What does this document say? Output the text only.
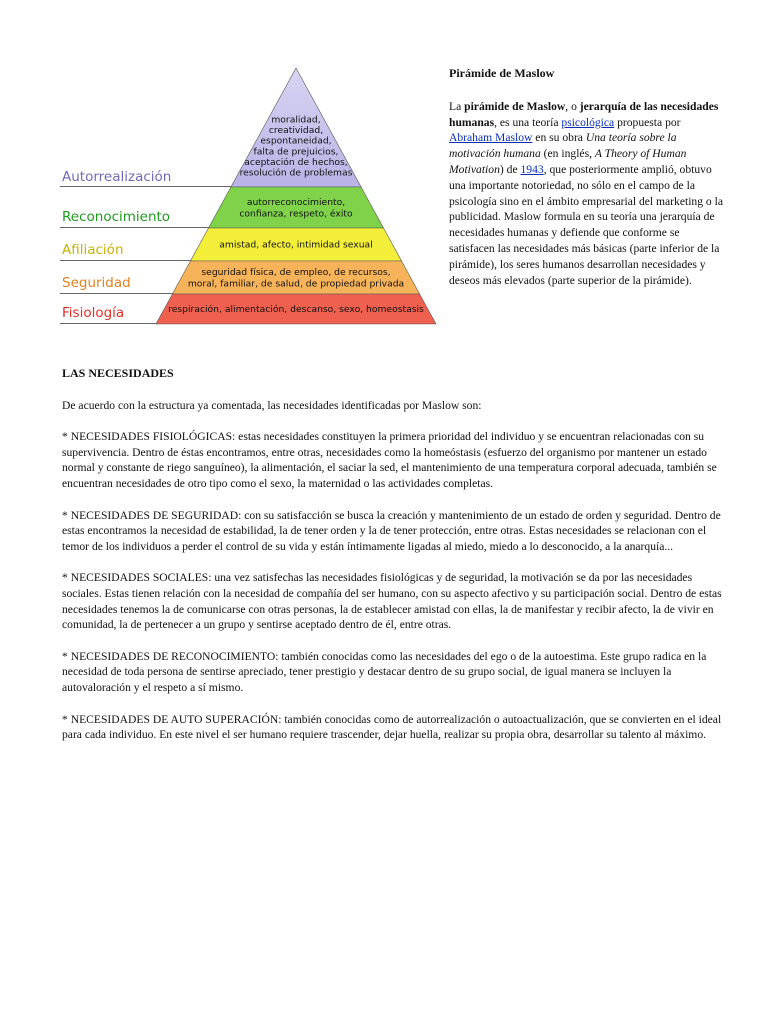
Autorrealización
moralidad,
creatividad,
espontaneidad,
falta de prejuicios,
aceptación de hechos,
resolución de problemas
Reconocimiento
autorreconocimiento,
confianza, respeto, éxito
Afiliación	amistad, afecto, intimidad sexual
Seguridad
seguridad física, de empleo, de recursos,
moral, familiar, de salud, de propiedad privada
Fisiología	respiración, alimentación, descanso, sexo, homeostasis
Pirámide de Maslow

La pirámide de Maslow, o jerarquía de las necesidades humanas, es una teoría psicológica propuesta por Abraham Maslow en su obra Una teoría sobre la motivación humana (en inglés, A Theory of Human Motivation) de 1943, que posteriormente amplió, obtuvo una importante notoriedad, no sólo en el campo de la psicología sino en el ámbito empresarial del marketing o la publicidad. Maslow formula en su teoría una jerarquía de necesidades humanas y defiende que conforme se satisfacen las necesidades más básicas (parte inferior de la pirámide), los seres humanos desarrollan necesidades y deseos más elevados (parte superior de la pirámide).

LAS NECESIDADES

De acuerdo con la estructura ya comentada, las necesidades identificadas por Maslow son:

* NECESIDADES FISIOLÓGICAS: estas necesidades constituyen la primera prioridad del individuo y se encuentran relacionadas con su supervivencia. Dentro de éstas encontramos, entre otras, necesidades como la homeóstasis (esfuerzo del organismo por mantener un estado normal y constante de riego sanguíneo), la alimentación, el saciar la sed, el mantenimiento de una temperatura corporal adecuada, también se encuentran necesidades de otro tipo como el sexo, la maternidad o las actividades completas.

* NECESIDADES DE SEGURIDAD: con su satisfacción se busca la creación y mantenimiento de un estado de orden y seguridad. Dentro de estas encontramos la necesidad de estabilidad, la de tener orden y la de tener protección, entre otras. Estas necesidades se relacionan con el temor de los individuos a perder el control de su vida y están íntimamente ligadas al miedo, miedo a lo desconocido, a la anarquía...

* NECESIDADES SOCIALES: una vez satisfechas las necesidades fisiológicas y de seguridad, la motivación se da por las necesidades sociales. Estas tienen relación con la necesidad de compañía del ser humano, con su aspecto afectivo y su participación social. Dentro de estas necesidades tenemos la de comunicarse con otras personas, la de establecer amistad con ellas, la de manifestar y recibir afecto, la de vivir en comunidad, la de pertenecer a un grupo y sentirse aceptado dentro de él, entre otras.

* NECESIDADES DE RECONOCIMIENTO: también conocidas como las necesidades del ego o de la autoestima. Este grupo radica en la necesidad de toda persona de sentirse apreciado, tener prestigio y destacar dentro de su grupo social, de igual manera se incluyen la autovaloración y el respeto a sí mismo.

* NECESIDADES DE AUTO SUPERACIÓN: también conocidas como de autorrealización o autoactualización, que se convierten en el ideal para cada individuo. En este nivel el ser humano requiere trascender, dejar huella, realizar su propia obra, desarrollar su talento al máximo.
